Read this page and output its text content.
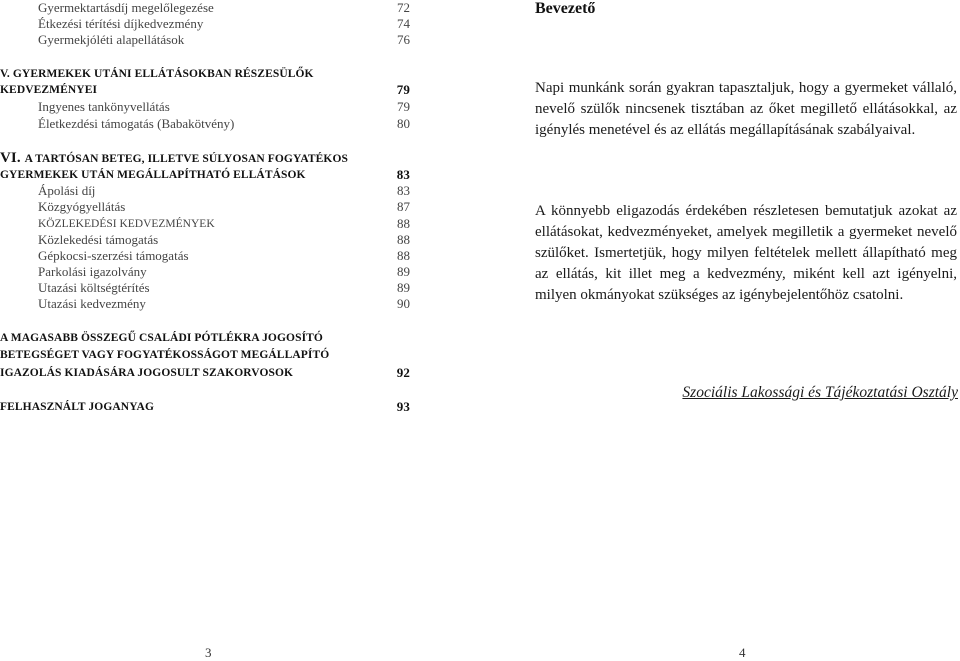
Gyermektartásdíj megelőlegezése	72
Étkezési térítési díjkedvezmény	74
Gyermekjóléti alapellátások	76
V. GYERMEKEK UTÁNI ELLÁTÁSOKBAN RÉSZESÜLŐK
KEDVEZMÉNYEI	79
Ingyenes tankönyvellátás	79
Életkezdési támogatás (Babakötvény)	80
VI. A TARTÓSAN BETEG, ILLETVE SÚLYOSAN FOGYATÉKOS
GYERMEKEK UTÁN MEGÁLLAPÍTHATÓ ELLÁTÁSOK	83
Ápolási díj	83
Közgyógyellátás	87
KÖZLEKEDÉSI KEDVEZMÉNYEK	88
Közlekedési támogatás	88
Gépkocsi-szerzési támogatás	88
Parkolási igazolvány	89
Utazási költségtérítés	89
Utazási kedvezmény	90
A MAGASABB ÖSSZEGŰ CSALÁDI PÓTLÉKRA JOGOSÍTÓ
BETEGSÉGET VAGY FOGYATÉKOSSÁGOT MEGÁLLAPÍTÓ
IGAZOLÁS KIADÁSÁRA JOGOSULT SZAKORVOSOK	92
FELHASZNÁLT JOGANYAG	93
3
Bevezető
Napi munkánk során gyakran tapasztaljuk, hogy a gyermeket vállaló, nevelő szülők nincsenek tisztában az őket megillető ellátásokkal, az igénylés menetével és az ellátás megállapításának szabályaival.
A könnyebb eligazodás érdekében részletesen bemutatjuk azokat az ellátásokat, kedvezményeket, amelyek megilletik a gyermeket nevelő szülőket. Ismertetjük, hogy milyen feltételek mellett állapítható meg az ellátás, kit illet meg a kedvezmény, miként kell azt igényelni, milyen okmányokat szükséges az igénybejelentőhöz csatolni.
Szociális Lakossági és Tájékoztatási Osztály
4
